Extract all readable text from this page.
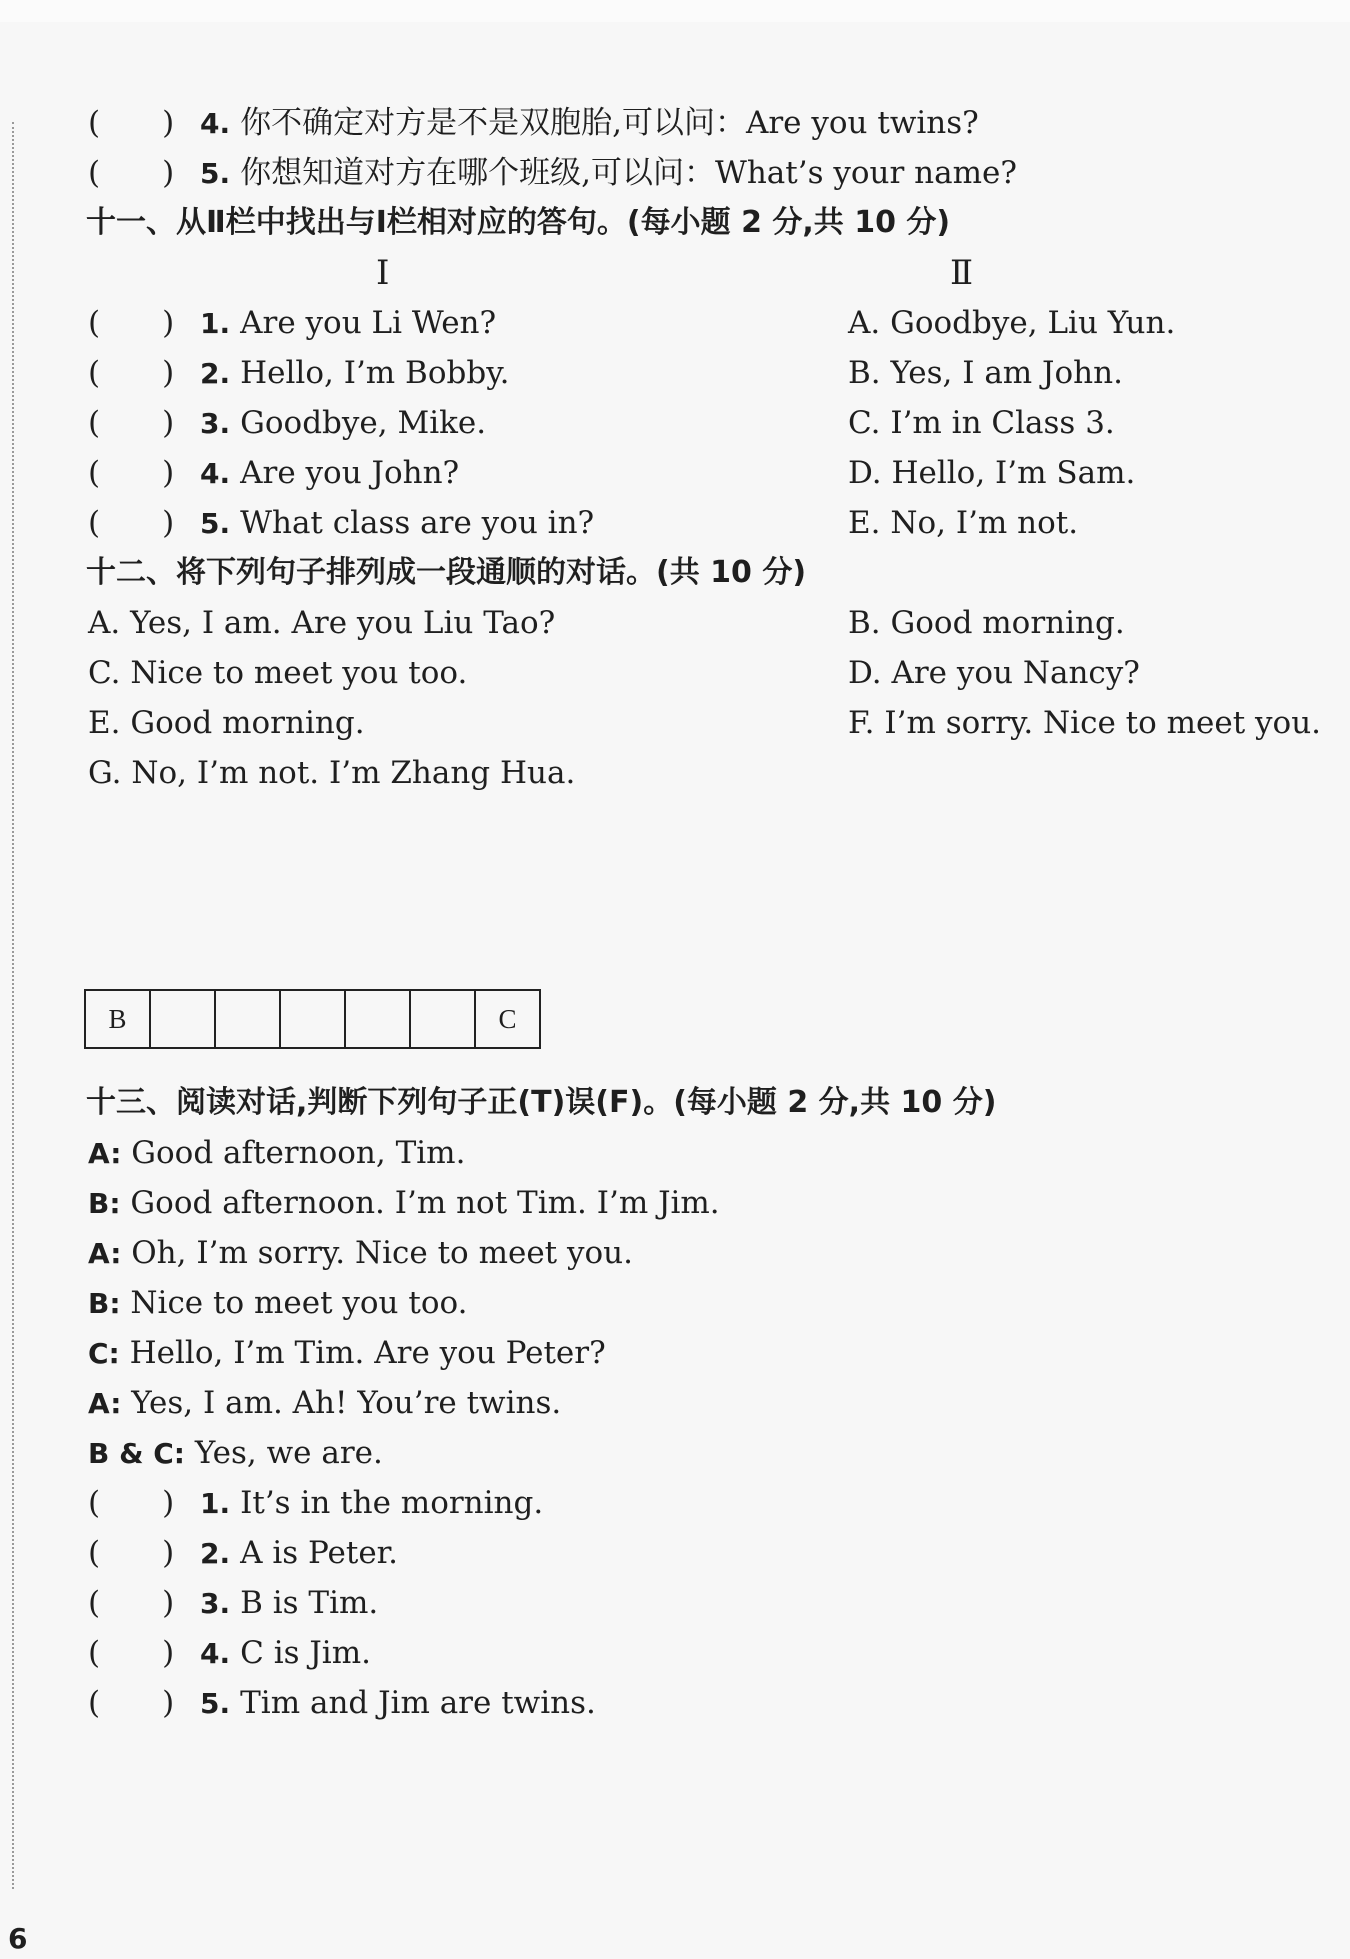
(　　) 4. 你不确定对方是不是双胞胎,可以问：Are you twins?
(　　) 5. 你想知道对方在哪个班级,可以问：What’s your name?
十一、从Ⅱ栏中找出与Ⅰ栏相对应的答句。(每小题 2 分,共 10 分)
Ⅰ	Ⅱ
(　　) 1. Are you Li Wen?	A. Goodbye, Liu Yun.
(　　) 2. Hello, I’m Bobby.	B. Yes, I am John.
(　　) 3. Goodbye, Mike.	C. I’m in Class 3.
(　　) 4. Are you John?	D. Hello, I’m Sam.
(　　) 5. What class are you in?	E. No, I’m not.
十二、将下列句子排列成一段通顺的对话。(共 10 分)
A. Yes, I am. Are you Liu Tao?	B. Good morning.
C. Nice to meet you too.	D. Are you Nancy?
E. Good morning.	F. I’m sorry. Nice to meet you.
G. No, I’m not. I’m Zhang Hua.
B	C
十三、阅读对话,判断下列句子正(T)误(F)。(每小题 2 分,共 10 分)
A: Good afternoon, Tim.
B: Good afternoon. I’m not Tim. I’m Jim.
A: Oh, I’m sorry. Nice to meet you.
B: Nice to meet you too.
C: Hello, I’m Tim. Are you Peter?
A: Yes, I am. Ah! You’re twins.
B & C: Yes, we are.
(　　) 1. It’s in the morning.
(　　) 2. A is Peter.
(　　) 3. B is Tim.
(　　) 4. C is Jim.
(　　) 5. Tim and Jim are twins.
6
